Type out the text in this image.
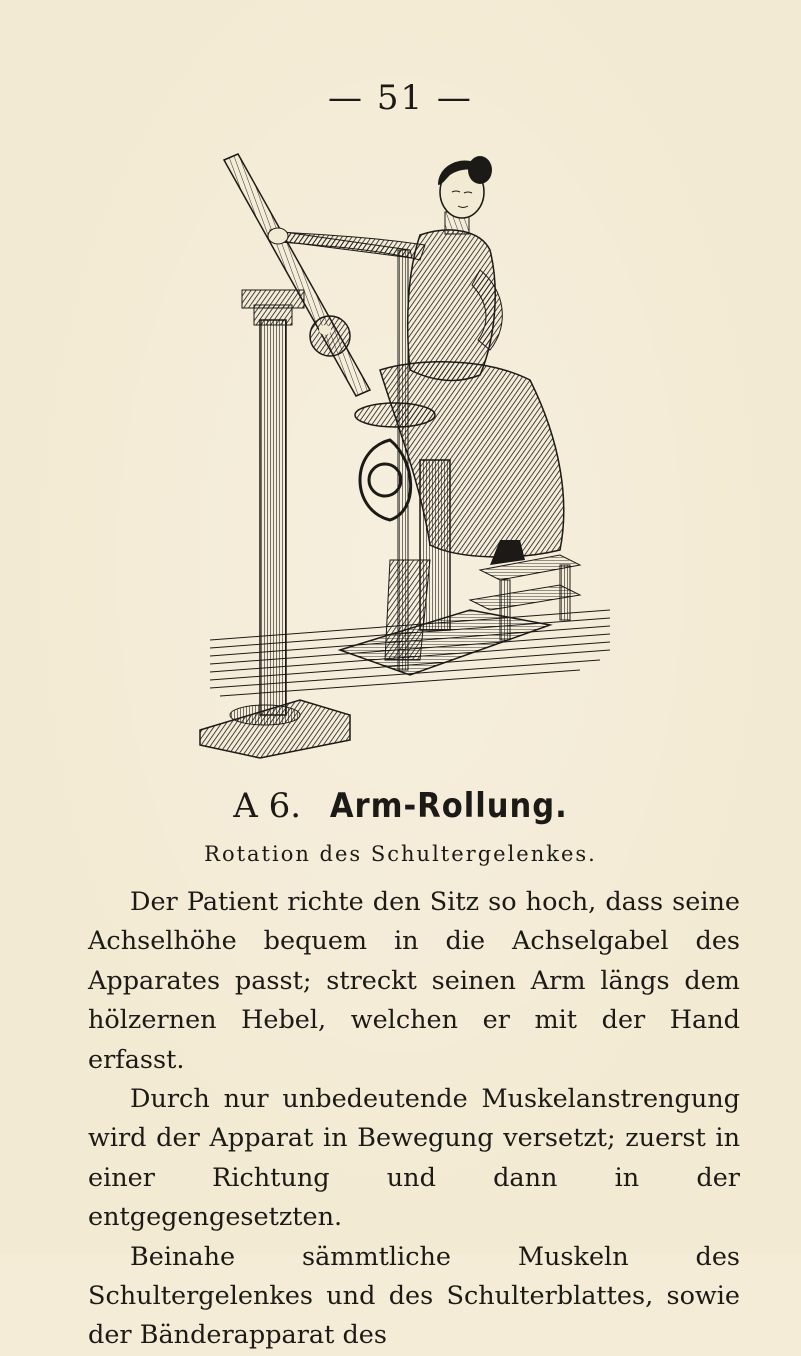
— 51 —
A 6. Arm-Rollung.
Rotation des Schultergelenkes.

Der Patient richte den Sitz so hoch, dass seine Achselhöhe bequem in die Achselgabel des Apparates passt; streckt seinen Arm längs dem hölzernen Hebel, welchen er mit der Hand erfasst.

Durch nur unbedeutende Muskelanstrengung wird der Apparat in Bewegung versetzt; zuerst in einer Richtung und dann in der entgegengesetzten.

Beinahe sämmtliche Muskeln des Schultergelenkes und des Schulterblattes, sowie der Bänderapparat des
